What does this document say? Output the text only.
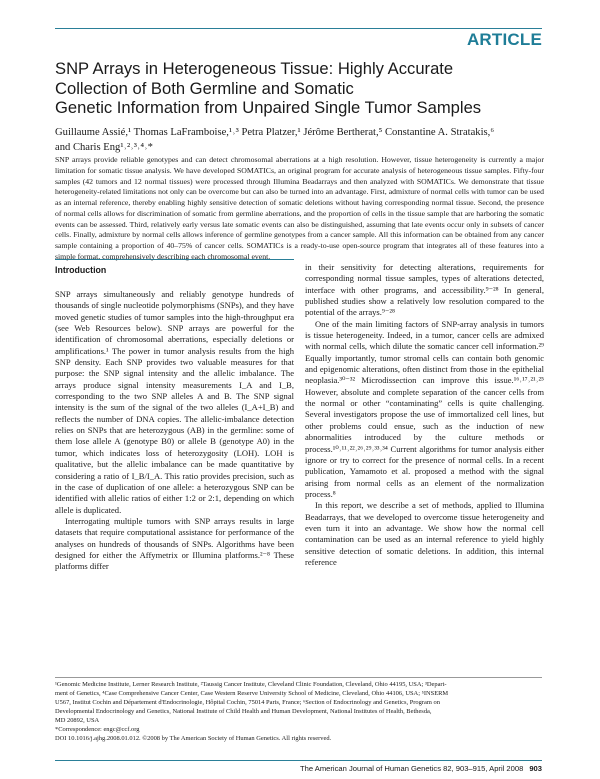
ARTICLE
SNP Arrays in Heterogeneous Tissue: Highly Accurate
Collection of Both Germline and Somatic
Genetic Information from Unpaired Single Tumor Samples
Guillaume Assié,¹ Thomas LaFramboise,¹˒³ Petra Platzer,¹ Jérôme Bertherat,⁵ Constantine A. Stratakis,⁶
and Charis Eng¹˒²˒³˒⁴˒*
SNP arrays provide reliable genotypes and can detect chromosomal aberrations at a high resolution. However, tissue heterogeneity is currently a major limitation for somatic tissue analysis. We have developed SOMATICs, an original program for accurate analysis of heterogeneous tissue samples. Fifty-four samples (42 tumors and 12 normal tissues) were processed through Illumina Beadarrays and then analyzed with SOMATICs. We demonstrate that tissue heterogeneity-related limitations not only can be overcome but can also be turned into an advantage. First, admixture of normal cells with tumor can be used as an internal reference, thereby enabling highly sensitive detection of somatic deletions without having corresponding normal tissue. Second, the presence of normal cells allows for discrimination of somatic from germline aberrations, and the proportion of cells in the tissue sample that are harboring the somatic events can be assessed. Third, relatively early versus late somatic events can also be distinguished, assuming that late events occur only in subsets of cancer cells. Finally, admixture by normal cells allows inference of germline genotypes from a cancer sample. All this information can be obtained from any cancer sample containing a proportion of 40–75% of cancer cells. SOMATICs is a ready-to-use open-source program that integrates all of these features into a simple format, comprehensively describing each chromosomal event.
Introduction

SNP arrays simultaneously and reliably genotype hundreds of thousands of single nucleotide polymorphisms (SNPs), and they have moved genetic studies of tumor samples into the high-throughput era (see Web Resources below). SNP arrays are powerful for the identification of chromosomal aberrations, especially deletions or amplifications.¹ The power in tumor analysis results from the high SNP density. Each SNP provides two valuable measures for that purpose: the SNP signal intensity and the allelic imbalance. The arrays produce signal intensity measurements I_A and I_B, corresponding to the two SNP alleles A and B. The SNP signal intensity is the sum of the signal of the two alleles (I_A+I_B) and reflects the number of DNA copies. The allelic-imbalance detection relies on SNPs that are heterozygous (AB) in the germline: some of them lose allele A (genotype B0) or allele B (genotype A0) in the tumor, which indicates loss of heterozygosity (LOH). LOH is qualitative, but the allelic imbalance can be made quantitative by considering a ratio of I_B/I_A. This ratio provides precision, such as in the case of duplication of one allele: a heterozygous SNP can be identified with allelic ratios of either 1:2 or 2:1, depending on which allele is duplicated.

Interrogating multiple tumors with SNP arrays results in large datasets that require computational assistance for performance of the analyses on hundreds of thousands of SNPs. Algorithms have been designed for either the Affymetrix or Illumina platforms.²⁻⁸ These platforms differ

in their sensitivity for detecting alterations, requirements for corresponding normal tissue samples, types of alterations detected, interface with other programs, and accessibility.⁹⁻²⁸ In general, published studies show a relatively low resolution compared to the potential of the arrays.⁹⁻²⁸

One of the main limiting factors of SNP-array analysis in tumors is tissue heterogeneity. Indeed, in a tumor, cancer cells are admixed with normal cells, which dilute the somatic cancer cell information.²⁹ Equally importantly, tumor stromal cells can contain both genomic and epigenomic alterations, often distinct from those in the epithelial neoplasia.³⁰⁻³² Microdissection can improve this issue.¹⁶˒¹⁷˒²¹˒²⁵ However, absolute and complete separation of the cancer cells from the normal or other “contaminating” cells is quite challenging. Several investigators propose the use of immortalized cell lines, but other problems could ensue, such as the induction of new abnormalities introduced by the culture methods or process.¹⁰˒¹¹˒²²˒²⁶˒²⁹˒³³˒³⁴ Current algorithms for tumor analysis either ignore or try to correct for the presence of normal cells. In a recent publication, Yamamoto et al. proposed a method with the signal arising from normal cells as an element of the normalization process.⁸

In this report, we describe a set of methods, applied to Illumina Beadarrays, that we developed to overcome tissue heterogeneity and even turn it into an advantage. We show how the normal cell contamination can be used as an internal reference to yield highly sensitive detection of somatic deletions. In addition, this internal reference

¹Genomic Medicine Institute, Lerner Research Institute, ²Taussig Cancer Institute, Cleveland Clinic Foundation, Cleveland, Ohio 44195, USA; ³Depart-
ment of Genetics, ⁴Case Comprehensive Cancer Center, Case Western Reserve University School of Medicine, Cleveland, Ohio 44106, USA; ⁵INSERM
U567, Institut Cochin and Département d'Endocrinologie, Hôpital Cochin, 75014 Paris, France; ⁶Section of Endocrinology and Genetics, Program on
Developmental Endocrinology and Genetics, National Institute of Child Health and Human Development, National Institutes of Health, Bethesda,
MD 20892, USA
*Correspondence: engc@ccf.org
DOI 10.1016/j.ajhg.2008.01.012. ©2008 by The American Society of Human Genetics. All rights reserved.
The American Journal of Human Genetics 82, 903–915, April 2008 903
